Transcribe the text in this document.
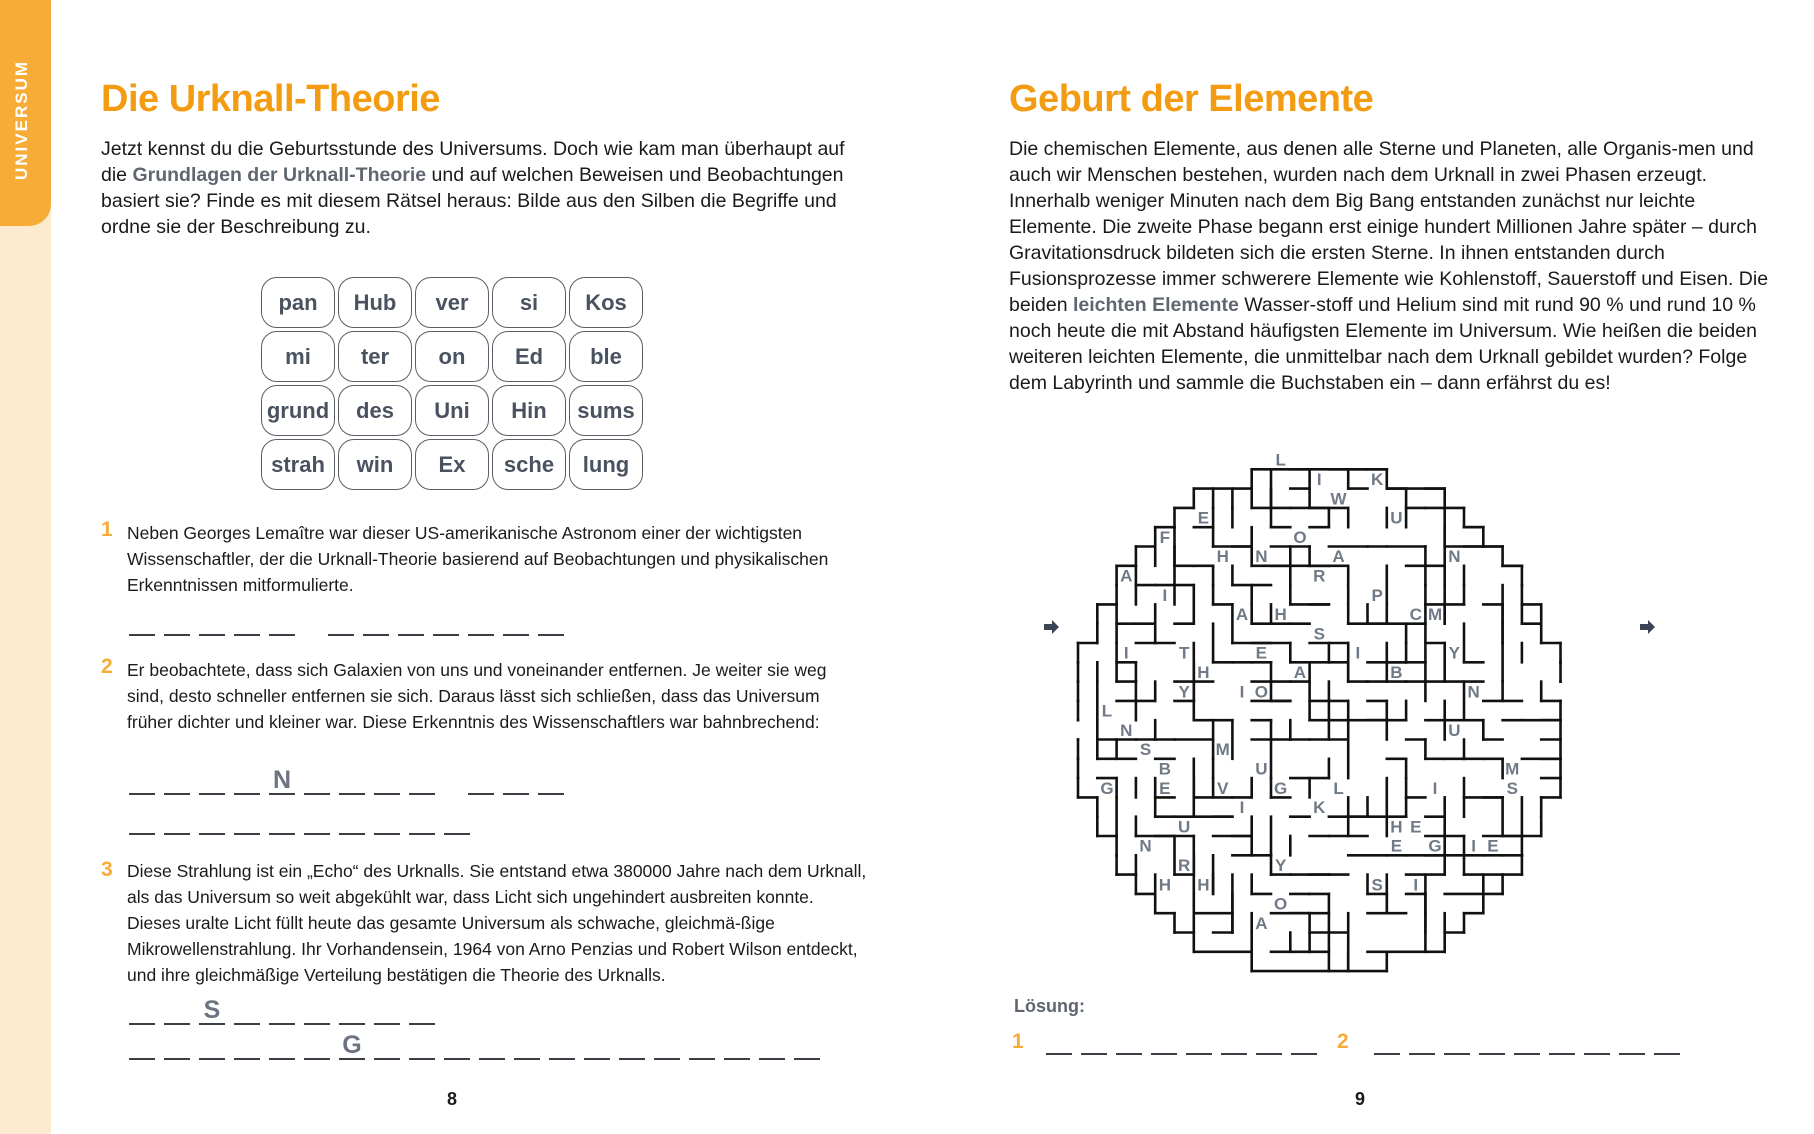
UNIVERSUM Die Urknall-Theorie

Jetzt kennst du die Geburtsstunde des Universums. Doch wie kam man überhaupt auf die Grundlagen der Urknall-Theorie und auf welchen Beweisen und Beobachtungen basiert sie? Finde es mit diesem Rätsel heraus: Bilde aus den Silben die Begriffe und ordne sie der Beschreibung zu.

pan	Hub	ver	si	Kos
mi	ter	on	Ed	ble
grund	des	Uni	Hin	sums
strah	win	Ex	sche	lung
1 Neben Georges Lemaître war dieser US-amerikanische Astronom einer der wichtigsten Wissenschaftler, der die Urknall-Theorie basierend auf Beobachtungen und physikalischen Erkenntnissen mitformulierte.

2 Er beobachtete, dass sich Galaxien von uns und voneinander entfernen. Je weiter sie weg sind, desto schneller entfernen sie sich. Daraus lässt sich schließen, dass das Universum früher dichter und kleiner war. Diese Erkenntnis des Wissenschaftlers war bahnbrechend:

N
3 Diese Strahlung ist ein „Echo“ des Urknalls. Sie entstand etwa 380000 Jahre nach dem Urknall, als das Universum so weit abgekühlt war, dass Licht sich ungehindert ausbreiten konnte. Dieses uralte Licht füllt heute das gesamte Universum als schwache, gleichmä-ßige Mikrowellenstrahlung. Ihr Vorhandensein, 1964 von Arno Penzias und Robert Wilson entdeckt, und ihre gleichmäßige Verteilung bestätigen die Theorie des Urknalls.

S
G
8
Geburt der Elemente

Die chemischen Elemente, aus denen alle Sterne und Planeten, alle Organis-men und auch wir Menschen bestehen, wurden nach dem Urknall in zwei Phasen erzeugt. Innerhalb weniger Minuten nach dem Big Bang entstanden zunächst nur leichte Elemente. Die zweite Phase begann erst einige hundert Millionen Jahre später – durch Gravitationsdruck bildeten sich die ersten Sterne. In ihnen entstanden durch Fusionsprozesse immer schwerere Elemente wie Kohlenstoff, Sauerstoff und Eisen. Die beiden leichten Elemente Wasser-stoff und Helium sind mit rund 90 % und rund 10 % noch heute die mit Abstand häufigsten Elemente im Universum. Wie heißen die beiden weiteren leichten Elemente, die unmittelbar nach dem Urknall gebildet wurden? Folge dem Labyrinth und sammle die Buchstaben ein – dann erfährst du es!

L
I	K
W
E	U
F	O
H N	A
R
N
A
I	P
M
A H	C
S
I
T	E
I	Y
H	A	B
Y	I O	N
L
U
N
S	M
B	M
U
E	V
G	G	I
L	S
K
I
U	H E
E
N	G
R
I
Y
E
H H	S I
O
A
Lösung:
1	2
9
